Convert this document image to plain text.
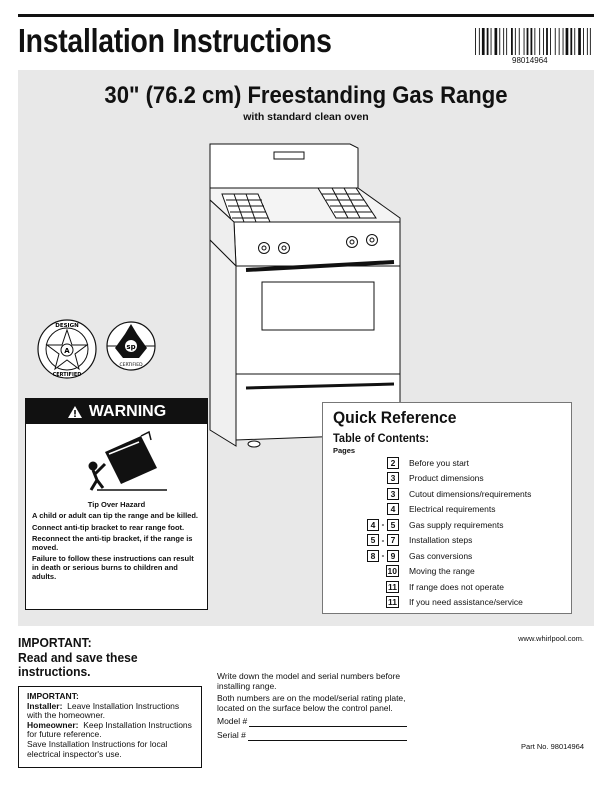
Installation Instructions
98014964
30" (76.2 cm) Freestanding Gas Range
with standard clean oven
A
DESIGN
CERTIFIED
sp
CERTIFIED
WARNING
Tip Over Hazard

A child or adult can tip the range and be killed.

Connect anti-tip bracket to rear range foot.

Reconnect the anti-tip bracket, if the range is moved.

Failure to follow these instructions can result in death or serious burns to children and adults.

Quick Reference
Table of Contents:
Pages
2	Before you start
3	Product dimensions
3	Cutout dimensions/requirements
4	Electrical requirements
4 - 5	Gas supply requirements
5 - 7	Installation steps
8 - 9	Gas conversions
10 Moving the range
11 If range does not operate
11 If you need assistance/service
IMPORTANT:
Read and save these
instructions.
IMPORTANT:
Installer: Leave Installation Instructions with the homeowner.
Homeowner: Keep Installation Instructions for future reference.
Save Installation Instructions for local electrical inspector's use.

Write down the model and serial numbers before installing range.

Both numbers are on the model/serial rating plate, located on the surface below the control panel.

Model #
Serial #
www.whirlpool.com.
Part No. 98014964
